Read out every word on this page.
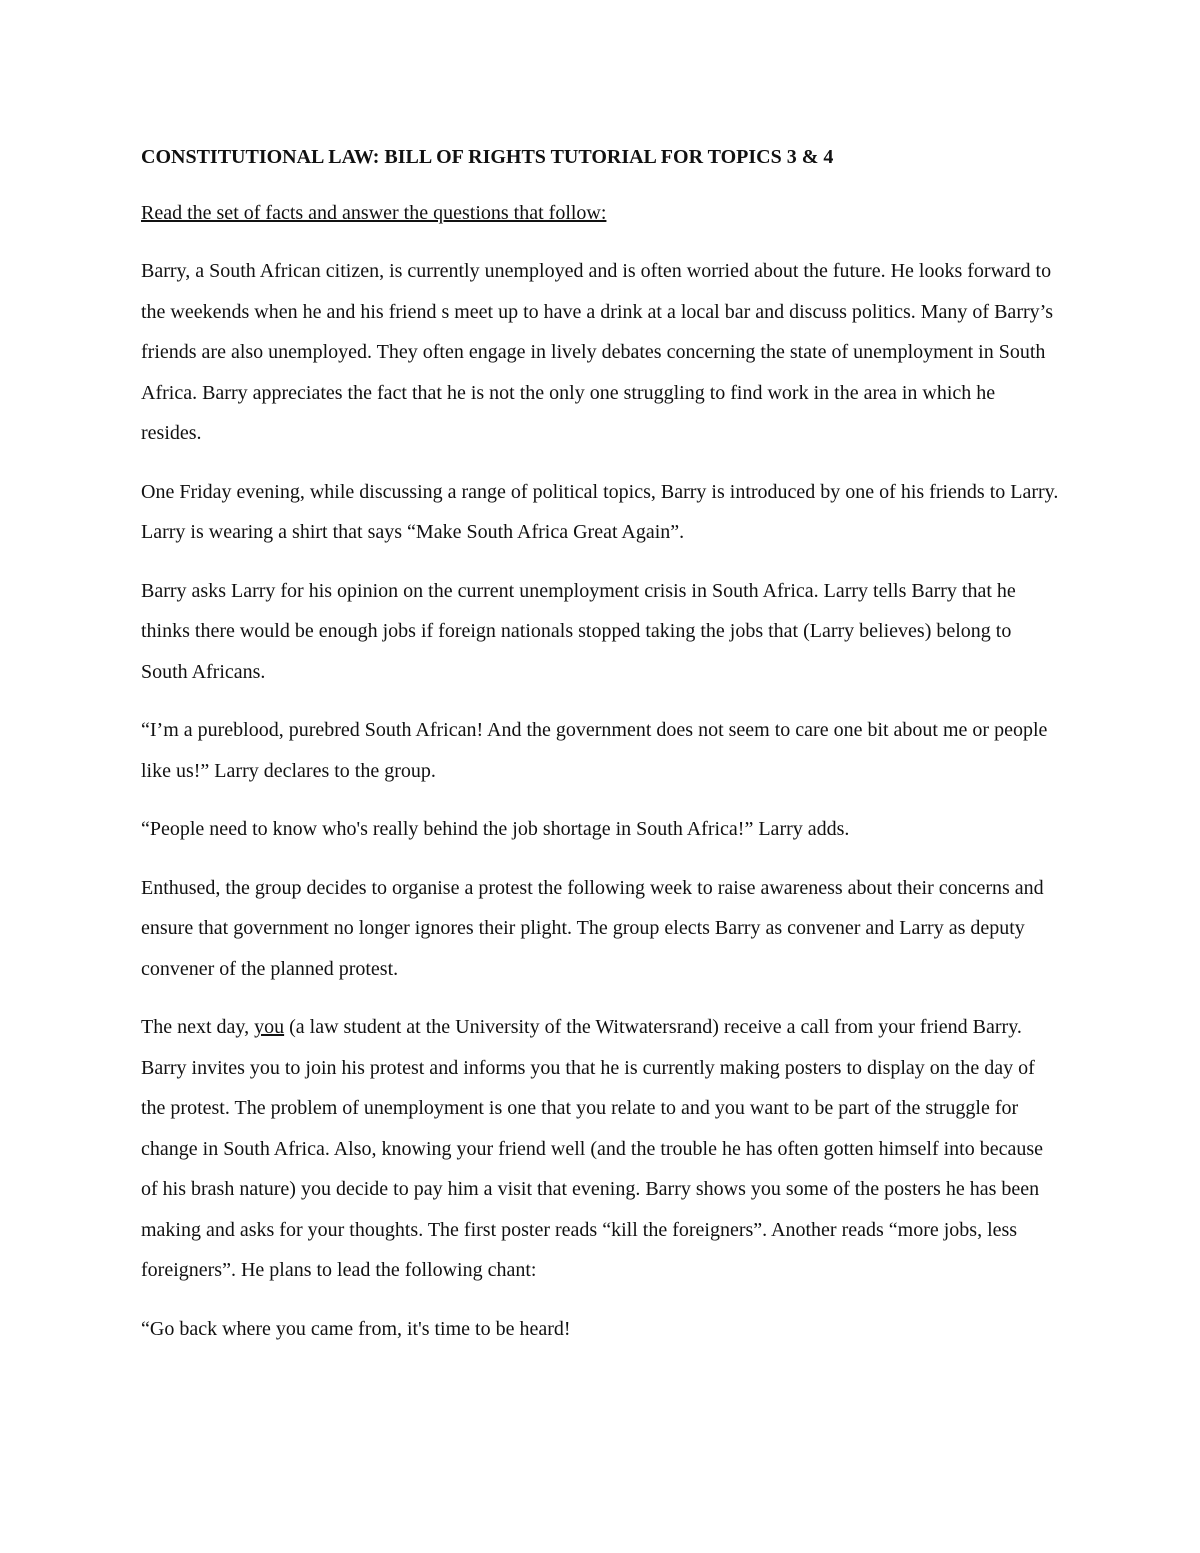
CONSTITUTIONAL LAW: BILL OF RIGHTS TUTORIAL FOR TOPICS 3 & 4

Read the set of facts and answer the questions that follow:

Barry, a South African citizen, is currently unemployed and is often worried about the future. He looks forward to the weekends when he and his friend s meet up to have a drink at a local bar and discuss politics. Many of Barry’s friends are also unemployed. They often engage in lively debates concerning the state of unemployment in South Africa. Barry appreciates the fact that he is not the only one struggling to find work in the area in which he resides.

One Friday evening, while discussing a range of political topics, Barry is introduced by one of his friends to Larry. Larry is wearing a shirt that says “Make South Africa Great Again”.

Barry asks Larry for his opinion on the current unemployment crisis in South Africa. Larry tells Barry that he thinks there would be enough jobs if foreign nationals stopped taking the jobs that (Larry believes) belong to South Africans.

“I’m a pureblood, purebred South African! And the government does not seem to care one bit about me or people like us!” Larry declares to the group.

“People need to know who's really behind the job shortage in South Africa!” Larry adds.

Enthused, the group decides to organise a protest the following week to raise awareness about their concerns and ensure that government no longer ignores their plight. The group elects Barry as convener and Larry as deputy convener of the planned protest.

The next day, you (a law student at the University of the Witwatersrand) receive a call from your friend Barry. Barry invites you to join his protest and informs you that he is currently making posters to display on the day of the protest. The problem of unemployment is one that you relate to and you want to be part of the struggle for change in South Africa. Also, knowing your friend well (and the trouble he has often gotten himself into because of his brash nature) you decide to pay him a visit that evening. Barry shows you some of the posters he has been making and asks for your thoughts. The first poster reads “kill the foreigners”. Another reads “more jobs, less foreigners”. He plans to lead the following chant:

“Go back where you came from, it's time to be heard!
